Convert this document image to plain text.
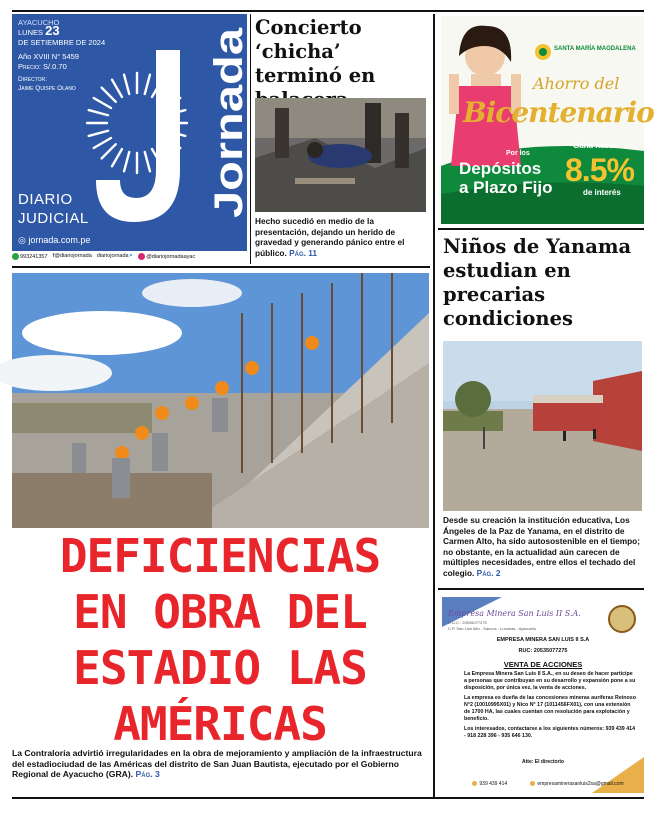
AYACUCHO
LUNES 23
DE SETIEMBRE DE 2024
Año XVIII N° 5459
Precio: S/.0.70
Director:
Jaime Quispe Olano	Jornada
DIARIO
JUDICIAL
◎ jornada.com.pe
993241357 f@diariojornada diariojornada✦	@diariojornadaayac
Concierto ‘chicha’ terminó en
Hecho sucedió en medio de la presentación, dejando un herido de gravedad y generando pánico entre el público. Pág. 11
SANTA MARÍA MAGDALENA
Ahorro del
Bicentenario
Por los
Depósitos
a Plazo Fijo
Gana hasta:
8.5%
de interés
Niños de Yanama estudian en precarias condiciones
Desde su creación la institución educativa, Los Ángeles de la Paz de Yanama, en el distrito de Carmen Alto, ha sido autosostenible en el tiempo; no obstante, en la actualidad aún carecen de múltiples necesidades, entre ellos el techado del colegio. Pág. 2
DEFICIENCIAS
EN OBRA DEL
ESTADIO LAS
AMÉRICAS
La Contraloría advirtió irregularidades en la obra de mejoramiento y ampliación de la infraestructura del estadiociudad de las Américas del distrito de San Juan Bautista, ejecutado por el Gobierno Regional de Ayacucho (GRA). Pág. 3
Empresa Minera San Luis II S.A.
R.U.C.: 20535077275
C.P. San Luis Alto - Sancos - Lucanas - Ayacucho
EMPRESA MINERA SAN LUIS II S.A
RUC: 20535077275
VENTA DE ACCIONES

La Empresa Minera San Luis II S.A., en su deseo de hacer partícipe a personas que contribuyan en su desarrollo y expansión pone a su disposición, por única vez, la venta de acciones.

La empresa es dueña de las concesiones mineras auríferas Reinoso N°2 (10010995X01) y Nico N° 17 (1011456FX01), con una extensión de 1700 HA, las cuales cuentan con resolución para explotación y beneficio.

Los interesados, contactarse a los siguientes números: 939 439 414 - 918 228 396 - 935 646 130.

Atte: El directorio
939 439 414	empresaminerasanluis2sa@gmail.com
